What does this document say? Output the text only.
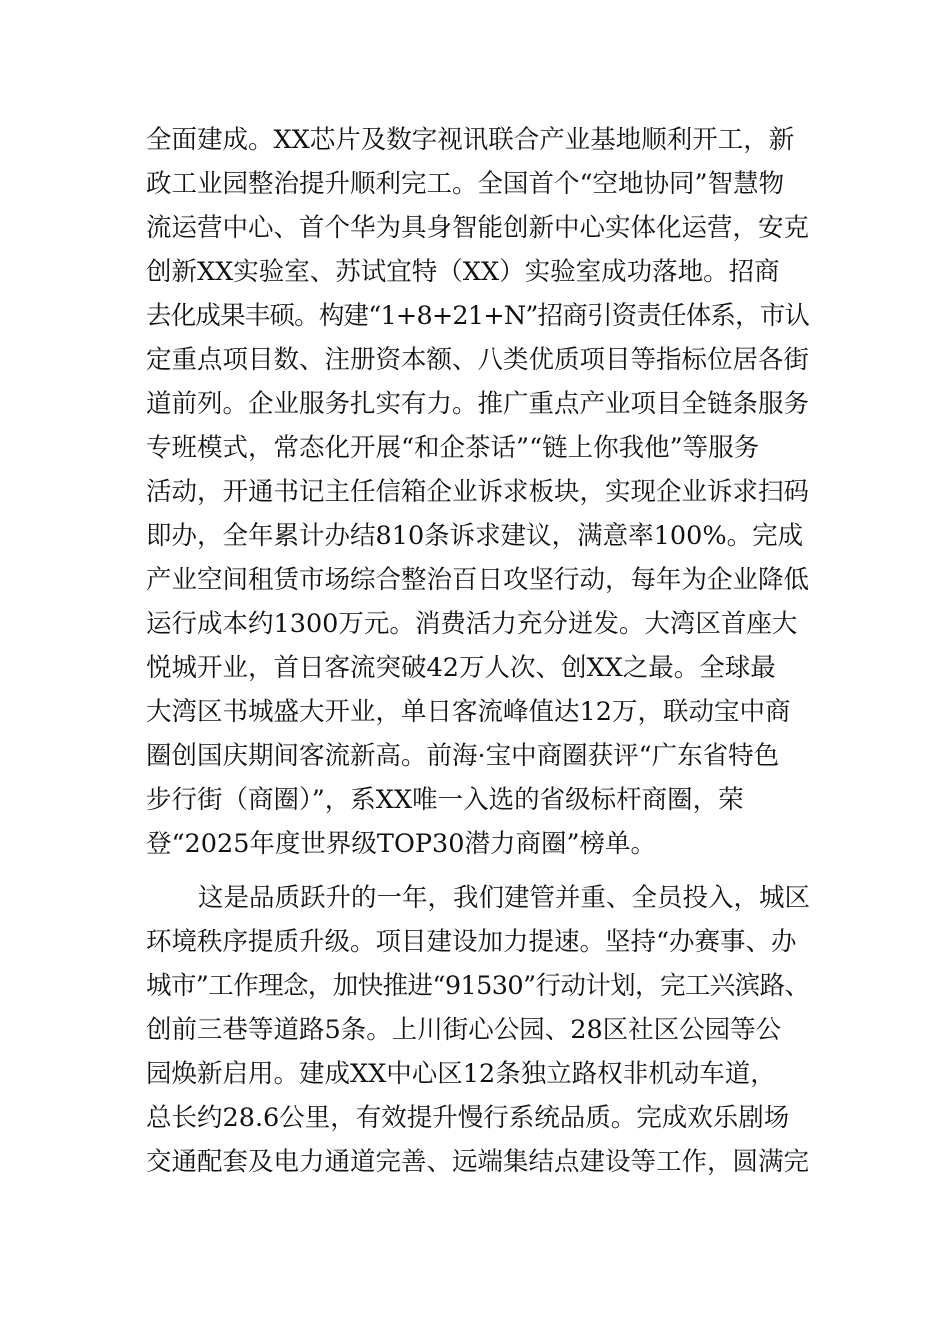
全面建成。XX芯片及数字视讯联合产业基地顺利开工，新
政工业园整治提升顺利完工。全国首个“空地协同”智慧物
流运营中心、首个华为具身智能创新中心实体化运营，安克
创新XX实验室、苏试宜特（XX）实验室成功落地。招商
去化成果丰硕。构建“1+8+21+N”招商引资责任体系，市认
定重点项目数、注册资本额、八类优质项目等指标位居各街
道前列。企业服务扎实有力。推广重点产业项目全链条服务
专班模式，常态化开展“和企茶话”“链上你我他”等服务
活动，开通书记主任信箱企业诉求板块，实现企业诉求扫码
即办，全年累计办结810条诉求建议，满意率100%。完成
产业空间租赁市场综合整治百日攻坚行动，每年为企业降低
运行成本约1300万元。消费活力充分迸发。大湾区首座大
悦城开业，首日客流突破42万人次、创XX之最。全球最
大湾区书城盛大开业，单日客流峰值达12万，联动宝中商
圈创国庆期间客流新高。前海·宝中商圈获评“广东省特色
步行街（商圈）”，系XX唯一入选的省级标杆商圈，荣
登“2025年度世界级TOP30潜力商圈”榜单。
这是品质跃升的一年，我们建管并重、全员投入，城区
环境秩序提质升级。项目建设加力提速。坚持“办赛事、办
城市”工作理念，加快推进“91530”行动计划，完工兴滨路、
创前三巷等道路5条。上川街心公园、28区社区公园等公
园焕新启用。建成XX中心区12条独立路权非机动车道，
总长约28.6公里，有效提升慢行系统品质。完成欢乐剧场
交通配套及电力通道完善、远端集结点建设等工作，圆满完
